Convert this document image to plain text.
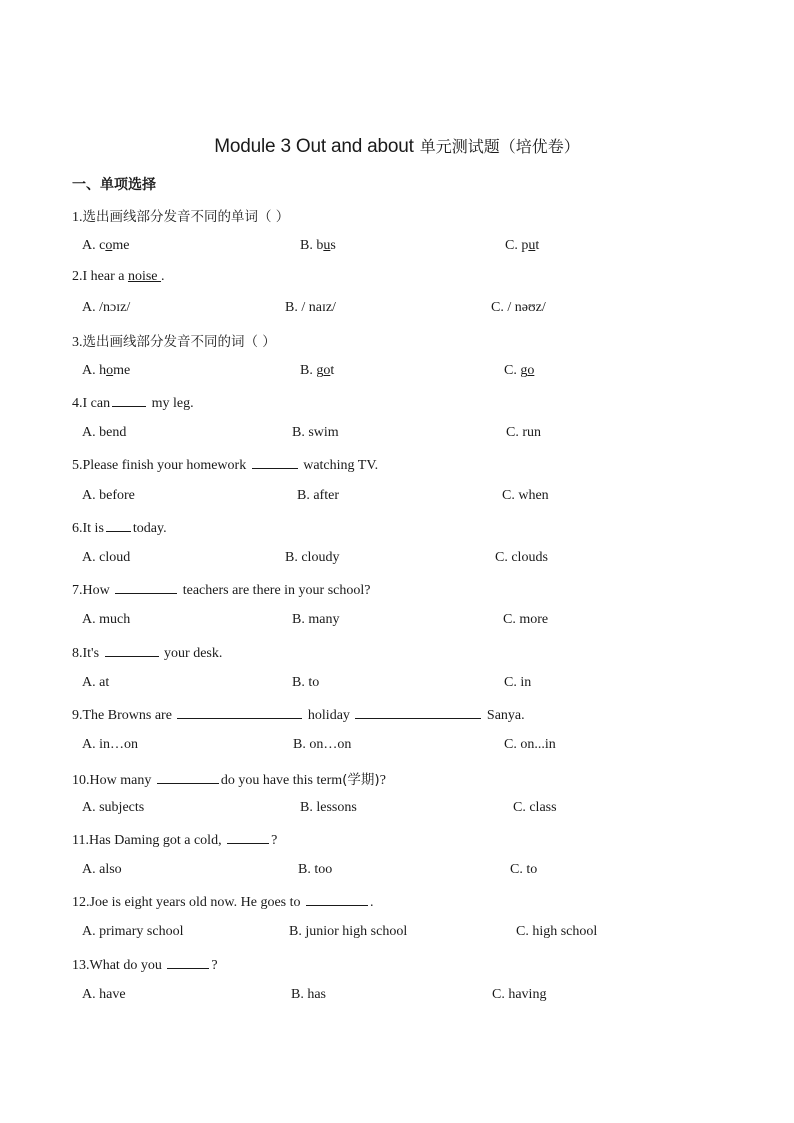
Module 3 Out and about 单元测试题（培优卷）
一、单项选择
1.选出画线部分发音不同的单词（ ）
A. come	B. bus	C. put
2.I hear a noise .
A. /nɔɪz/	B. / naɪz/	C. / nəʊz/
3.选出画线部分发音不同的词（ ）
A. home	B. got	C. go
4.I can	my leg.
A. bend	B. swim	C. run
5.Please finish your homework	watching TV.
A. before	B. after	C. when
6.It is today.
A. cloud	B. cloudy	C. clouds
7.How	teachers are there in your school?
A. much	B. many	C. more
8.It's	your desk.
A. at	B. to	C. in
9.The Browns are	holiday	Sanya.
A. in…on	B. on…on	C. on...in
10.How many	do you have this term(学期)?
A. subjects	B. lessons	C. class
11.Has Daming got a cold,	?
A. also	B. too	C. to
12.Joe is eight years old now. He goes to	.
A. primary school	B. junior high school	C. high school
13.What do you	?
A. have	B. has	C. having
